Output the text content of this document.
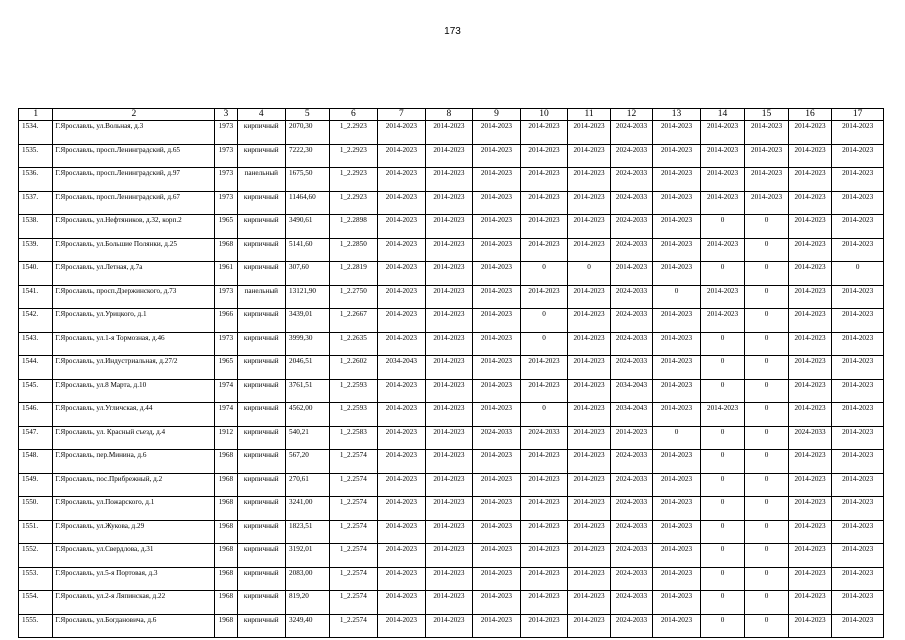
173
1	2	3	4	5	6	7	8	9	10	11	12	13	14	15	16	17
1534.	Г.Ярославль, ул.Вольная, д.3	1973	кирпичный	2070,30	1_2.2923	2014-2023	2014-2023	2014-2023	2014-2023	2014-2023	2024-2033	2014-2023	2014-2023	2014-2023	2014-2023	2014-2023
1535.	Г.Ярославль, просп.Ленинградский, д.65	1973	кирпичный	7222,30	1_2.2923	2014-2023	2014-2023	2014-2023	2014-2023	2014-2023	2024-2033	2014-2023	2014-2023	2014-2023	2014-2023	2014-2023
1536.	Г.Ярославль, просп.Ленинградский, д.97	1973	панельный	1675,50	1_2.2923	2014-2023	2014-2023	2014-2023	2014-2023	2014-2023	2024-2033	2014-2023	2014-2023	2014-2023	2014-2023	2014-2023
1537.	Г.Ярославль, просп.Ленинградский, д.67	1973	кирпичный	11464,60	1_2.2923	2014-2023	2014-2023	2014-2023	2014-2023	2014-2023	2024-2033	2014-2023	2014-2023	2014-2023	2014-2023	2014-2023
1538.	Г.Ярославль, ул.Нефтяников, д.32, корп.2	1965	кирпичный	3490,61	1_2.2898	2014-2023	2014-2023	2014-2023	2014-2023	2014-2023	2024-2033	2014-2023	0	0	2014-2023	2014-2023
1539.	Г.Ярославль, ул.Большие Полянки, д.25	1968	кирпичный	5141,60	1_2.2850	2014-2023	2014-2023	2014-2023	2014-2023	2014-2023	2024-2033	2014-2023	2014-2023	0	2014-2023	2014-2023
1540.	Г.Ярославль, ул.Летная, д.7а	1961	кирпичный	307,60	1_2.2819	2014-2023	2014-2023	2014-2023	0	0	2014-2023	2014-2023	0	0	2014-2023	0
1541.	Г.Ярославль, просп.Дзержинского, д.73	1973	панельный	13121,90	1_2.2750	2014-2023	2014-2023	2014-2023	2014-2023	2014-2023	2024-2033	0	2014-2023	0	2014-2023	2014-2023
1542.	Г.Ярославль, ул.Урицкого, д.1	1966	кирпичный	3439,01	1_2.2667	2014-2023	2014-2023	2014-2023	0	2014-2023	2024-2033	2014-2023	2014-2023	0	2014-2023	2014-2023
1543.	Г.Ярославль, ул.1-я Тормозная, д.46	1973	кирпичный	3999,30	1_2.2635	2014-2023	2014-2023	2014-2023	0	2014-2023	2024-2033	2014-2023	0	0	2014-2023	2014-2023
1544.	Г.Ярославль, ул.Индустриальная, д.27/2	1965	кирпичный	2046,51	1_2.2602	2034-2043	2014-2023	2014-2023	2014-2023	2014-2023	2024-2033	2014-2023	0	0	2014-2023	2014-2023
1545.	Г.Ярославль, ул.8 Марта, д.10	1974	кирпичный	3761,51	1_2.2593	2014-2023	2014-2023	2014-2023	2014-2023	2014-2023	2034-2043	2014-2023	0	0	2014-2023	2014-2023
1546.	Г.Ярославль, ул.Угличская, д.44	1974	кирпичный	4562,00	1_2.2593	2014-2023	2014-2023	2014-2023	0	2014-2023	2034-2043	2014-2023	2014-2023	0	2014-2023	2014-2023
1547.	Г.Ярославль, ул. Красный съезд, д.4	1912	кирпичный	540,21	1_2.2583	2014-2023	2014-2023	2024-2033	2024-2033	2014-2023	2014-2023	0	0	0	2024-2033	2014-2023
1548.	Г.Ярославль, пер.Минина, д.6	1968	кирпичный	567,20	1_2.2574	2014-2023	2014-2023	2014-2023	2014-2023	2014-2023	2024-2033	2014-2023	0	0	2014-2023	2014-2023
1549.	Г.Ярославль, пос.Прибрежный, д.2	1968	кирпичный	270,61	1_2.2574	2014-2023	2014-2023	2014-2023	2014-2023	2014-2023	2024-2033	2014-2023	0	0	2014-2023	2014-2023
1550.	Г.Ярославль, ул.Пожарского, д.1	1968	кирпичный	3241,00	1_2.2574	2014-2023	2014-2023	2014-2023	2014-2023	2014-2023	2024-2033	2014-2023	0	0	2014-2023	2014-2023
1551.	Г.Ярославль, ул.Жукова, д.29	1968	кирпичный	1823,51	1_2.2574	2014-2023	2014-2023	2014-2023	2014-2023	2014-2023	2024-2033	2014-2023	0	0	2014-2023	2014-2023
1552.	Г.Ярославль, ул.Свердлова, д.31	1968	кирпичный	3192,01	1_2.2574	2014-2023	2014-2023	2014-2023	2014-2023	2014-2023	2024-2033	2014-2023	0	0	2014-2023	2014-2023
1553.	Г.Ярославль, ул.5-я Портовая, д.3	1968	кирпичный	2083,00	1_2.2574	2014-2023	2014-2023	2014-2023	2014-2023	2014-2023	2024-2033	2014-2023	0	0	2014-2023	2014-2023
1554.	Г.Ярославль, ул.2-я Ляпинская, д.22	1968	кирпичный	819,20	1_2.2574	2014-2023	2014-2023	2014-2023	2014-2023	2014-2023	2024-2033	2014-2023	0	0	2014-2023	2014-2023
1555.	Г.Ярославль, ул.Богдановича, д.6	1968	кирпичный	3249,40	1_2.2574	2014-2023	2014-2023	2014-2023	2014-2023	2014-2023	2024-2033	2014-2023	0	0	2014-2023	2014-2023
